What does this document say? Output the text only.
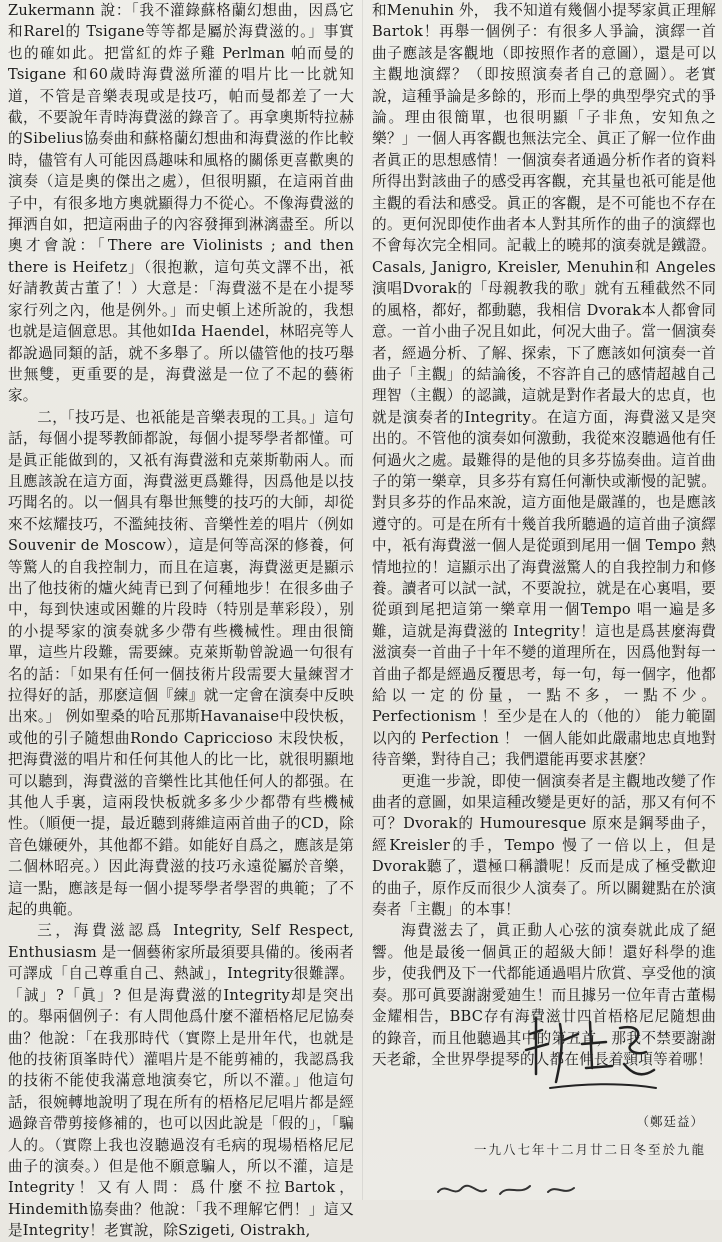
Zukermann 說：「我不灌錄蘇格蘭幻想曲，因爲它和Rarel的 Tsigane等等都是屬於海費滋的。」事實也的確如此。把當紅的炸子雞 Perlman 帕而曼的 Tsigane 和60歲時海費滋所灌的唱片比一比就知道，不管是音樂表現或是技巧，帕而曼都差了一大截，不要說年青時海費滋的錄音了。再拿奧斯特拉赫的Sibelius協奏曲和蘇格蘭幻想曲和海費滋的作比較時，儘管有人可能因爲趣味和風格的關係更喜歡奧的演奏（這是奧的傑出之處），但很明顯，在這兩首曲子中，有很多地方奧就顯得力不從心。不像海費滋的揮洒自如，把這兩曲子的內容發揮到淋漓盡至。所以奧才會說：「There are Violinists ; and then there is Heifetz」（很抱歉，這句英文譯不出，祇好請教黃古董了！）大意是：「海費滋不是在小提琴家行列之內，他是例外。」而史頓上述所說的，我想也就是這個意思。其他如Ida Haendel，林昭亮等人都說過同類的話，就不多舉了。所以儘管他的技巧舉世無雙，更重要的是，海費滋是一位了不起的藝術家。

二，「技巧是、也祇能是音樂表現的工具。」這句話，每個小提琴教師都說，每個小提琴學者都懂。可是眞正能做到的，又祇有海費滋和克萊斯勒兩人。而且應該說在這方面，海費滋更爲難得，因爲他是以技巧聞名的。以一個具有舉世無雙的技巧的大師，却從來不炫耀技巧，不濫純技術、音樂性差的唱片（例如Souvenir de Moscow），這是何等高深的修養，何等驚人的自我控制力，而且在這裏，海費滋更是顯示出了他技術的爐火純青已到了何種地步！在很多曲子中，每到快速或困難的片段時（特別是華彩段），别的小提琴家的演奏就多少帶有些機械性。理由很簡單，這些片段難，需要練。克萊斯勒曾說過一句很有名的話：「如果有任何一個技術片段需要大量練習才拉得好的話，那麽這個『練』就一定會在演奏中反映出來。」 例如聖桑的哈瓦那斯Havanaise中段快板，或他的引子隨想曲Rondo Capriccioso 末段快板，把海費滋的唱片和任何其他人的比一比，就很明顯地可以聽到，海費滋的音樂性比其他任何人的都强。在其他人手裏，這兩段快板就多多少少都帶有些機械性。（順便一提，最近聽到蔣維這兩首曲子的CD，除音色嫌硬外，其他都不錯。如能好自爲之，應該是第二個林昭亮。）因此海費滋的技巧永遠從屬於音樂，這一點，應該是每一個小提琴學者學習的典範；了不起的典範。

三，海費滋認爲 Integrity, Self Respect, Enthusiasm 是一個藝術家所最須要具備的。後兩者可譯成「自己尊重自己、熱誠」，Integrity很難譯。「誠」?「眞」? 但是海費滋的Integrity却是突出的。舉兩個例子：有人問他爲什麼不灌梧格尼尼協奏曲？他說：「在我那時代（實際上是卅年代，也就是他的技術頂峯時代）灌唱片是不能剪補的，我認爲我的技術不能使我滿意地演奏它，所以不灌。」他這句話，很婉轉地說明了現在所有的梧格尼尼唱片都是經過錄音帶剪接修補的，也可以因此說是「假的」，「騙人的。（實際上我也沒聽過沒有毛病的現場梧格尼尼曲子的演奏。）但是他不願意騙人，所以不灌，這是Integrity！又有人問：爲什麼不拉Bartok，Hindemith協奏曲？他說：「我不理解它們！」這又是Integrity！老實說，除Szigeti, Oistrakh,

和Menuhin 外， 我不知道有幾個小提琴家眞正理解Bartok！再舉一個例子：有很多人爭論，演繹一首曲子應該是客觀地（即按照作者的意圖），還是可以主觀地演繹？（即按照演奏者自己的意圖）。老實說，這種爭論是多餘的，形而上學的典型學究式的爭論。理由很簡單，也很明顯「子非魚，安知魚之樂？」一個人再客觀也無法完全、眞正了解一位作曲者眞正的思想感情！一個演奏者通過分析作者的資料所得出對該曲子的感受再客觀，充其量也祇可能是他主觀的看法和感受。眞正的客觀，是不可能也不存在的。更何況即使作曲者本人對其所作的曲子的演繹也不會每次完全相同。記載上的曉邦的演奏就是鐵證。Casals, Janigro, Kreisler, Menuhin和 Angeles演唱Dvorak的「母親教我的歌」就有五種截然不同的風格，都好，都動聽，我相信 Dvorak本人都會同意。一首小曲子况且如此，何况大曲子。當一個演奏者，經過分析、了解、探索，下了應該如何演奏一首曲子「主觀」的結論後，不容許自己的感情超越自己理智（主觀）的認識，這就是對作者最大的忠貞，也就是演奏者的Integrity。在這方面，海費滋又是突出的。不管他的演奏如何激動，我從來沒聽過他有任何過火之處。最難得的是他的貝多芬協奏曲。這首曲子的第一樂章，貝多芬有寫任何漸快或漸慢的記號。對貝多芬的作品來說，這方面他是嚴謹的，也是應該遵守的。可是在所有十幾首我所聽過的這首曲子演繹中，祇有海費滋一個人是從頭到尾用一個 Tempo 熱情地拉的！這顯示出了海費滋驚人的自我控制力和修養。讀者可以試一試，不要說拉，就是在心裏唱，要從頭到尾把這第一樂章用一個Tempo 唱一遍是多難，這就是海費滋的 Integrity！這也是爲甚麼海費滋演奏一首曲子十年不變的道理所在，因爲他對每一首曲子都是經過反覆思考，每一句，每一個字，他都給以一定的份量，一點不多，一點不少。Perfectionism ！至少是在人的（他的） 能力範圍以內的 Perfection ！ 一個人能如此嚴肅地忠貞地對待音樂，對待自己；我們還能再要求甚麼？

更進一步說，即使一個演奏者是主觀地改變了作曲者的意圖，如果這種改變是更好的話，那又有何不可？Dvorak的 Humouresque 原來是鋼琴曲子，經Kreisler的手，Tempo 慢了一倍以上，但是Dvorak聽了，還極口稱讚呢！反而是成了極受歡迎的曲子，原作反而很少人演奏了。所以關鍵點在於演奏者「主觀」的本事！

海費滋去了，眞正動人心弦的演奏就此成了絕響。他是最後一個眞正的超級大師！還好科學的進步，使我們及下一代都能通過唱片欣賞、享受他的演奏。那可眞要謝謝愛廸生！而且據另一位年青古董楊金耀相告，BBC存有海費滋廿四首梧格尼尼隨想曲的錄音，而且他聽過其中的第五首，那我不禁要謝謝天老爺，全世界學提琴的人都在伸長着頸項等着哪！

（鄭廷益）
一九八七年十二月廿二日冬至於九龍
